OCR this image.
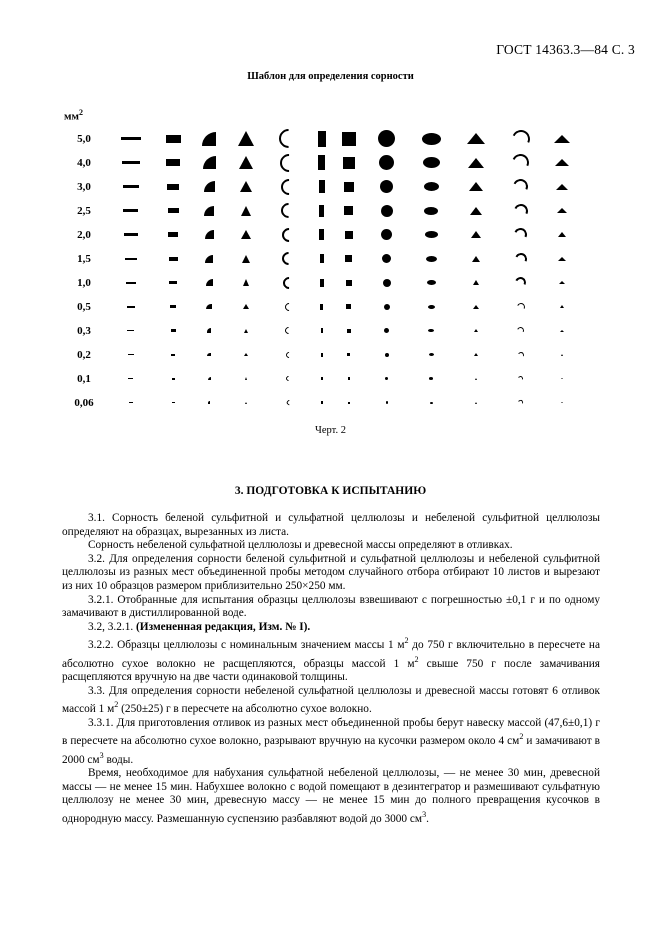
ГОСТ 14363.3—84 С. 3
Шаблон для определения сорности
$мм^2$
5,0	

4,0	

3,0	

2,5	

2,0	

1,5	

1,0	

0,5	

0,3	

0,2	

0,1	

0,06	

Черт. 2
3. ПОДГОТОВКА К ИСПЫТАНИЮ

3.1. Сорность беленой сульфитной и сульфатной целлюлозы и небеленой сульфитной целлюлозы определяют на образцах, вырезанных из листа.

Сорность небеленой сульфатной целлюлозы и древесной массы определяют в отливках.

3.2. Для определения сорности беленой сульфитной и сульфатной целлюлозы и небеленой сульфитной целлюлозы из разных мест объединенной пробы методом случайного отбора отбирают 10 листов и вырезают из них 10 образцов размером приблизительно 250×250 мм.

3.2.1. Отобранные для испытания образцы целлюлозы взвешивают с погрешностью ±0,1 г и по одному замачивают в дистиллированной воде.

3.2, 3.2.1. (Измененная редакция, Изм. № I).

3.2.2. Образцы целлюлозы с номинальным значением массы 1 $м^2$ до 750 г включительно в пересчете на абсолютно сухое волокно не расщепляются, образцы массой 1 $м^2$ свыше 750 г после замачивания расщепляются вручную на две части одинаковой толщины.

3.3. Для определения сорности небеленой сульфатной целлюлозы и древесной массы готовят 6 отливок массой 1 $м^2$ (250±25) г в пересчете на абсолютно сухое волокно.

3.3.1. Для приготовления отливок из разных мест объединенной пробы берут навеску массой (47,6±0,1) г в пересчете на абсолютно сухое волокно, разрывают вручную на кусочки размером около 4 $см^2$ и замачивают в 2000 $см^3$ воды.

Время, необходимое для набухания сульфатной небеленой целлюлозы, — не менее 30 мин, древесной массы — не менее 15 мин. Набухшее волокно с водой помещают в дезинтегратор и размешивают сульфатную целлюлозу не менее 30 мин, древесную массу — не менее 15 мин до полного превращения кусочков в однородную массу. Размешанную суспензию разбавляют водой до 3000 $см^3$.
